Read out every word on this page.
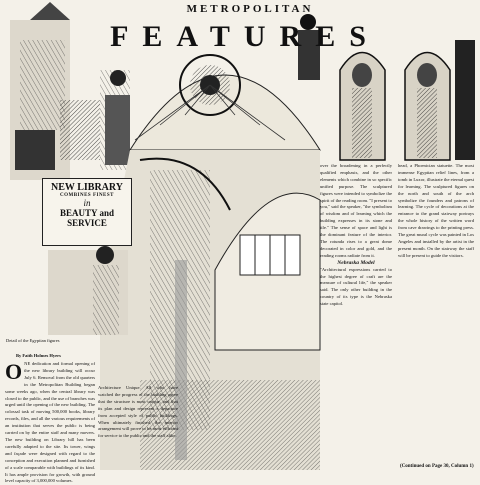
METROPOLITAN
FEATURES
NEW LIBRARY
COMBINES FINEST
in
BEAUTY and SERVICE
Detail of the Egyptian figures
By Faith Holmes Hyers
O NE dedication and formal opening of the new library building will occur July 6. Removal from the old quarters in the Metropolitan Building began some weeks ago, when the central library was closed to the public, and the use of branches was urged until the opening of the new building. The colossal task of moving 500,000 books, library records, files, and all the various requirements of an institution that serves the public is being carried on by the entire staff and many movers. The new building on Library hill has been carefully adapted to the site. Its tower, wings and façade were designed with regard to the conception and execution planned and furnished of a scale comparable with buildings of its kind. It has ample provision for growth, with ground level capacity of 3,000,000 volumes.
Architecture Unique. All who have watched the progress of the building agree that the structure is most unique, and that its plan and design represent a departure from accepted style of public buildings. When ultimately finished, the interior arrangement will prove to be most efficient for service to the public and the staff alike.
over the broadening in a perfectly qualified emphasis, and the other elements which combine in so specific unified purpose. The sculptured figures were intended to symbolize the spirit of the reading room. "I present to you," said the speaker, "the symbolism of wisdom and of learning which the building expresses in its stone and tile." The sense of space and light is the dominant feature of the interior. The rotunda rises to a great dome decorated in color and gold, and the reading rooms radiate from it.
Nebraska Model
"Architectural expressions carried to the highest degree of craft are the measure of cultural life," the speaker said. The only other building in the country of its type is the Nebraska state capitol.
head, a Phoenician statuette. The most immense Egyptian relief lines, from a tomb in Luxor, illustrate the eternal quest for learning. The sculptured figures on the north and south of the arch symbolize the founders and patrons of learning. The cycle of decorations at the entrance to the grand stairway portrays the whole history of the written word from cave drawings to the printing press. The great mural cycle was painted in Los Angeles and installed by the artist in the present month. On the stairway the staff will be present to guide the visitors.
(Continued on Page 30, Column 1)
